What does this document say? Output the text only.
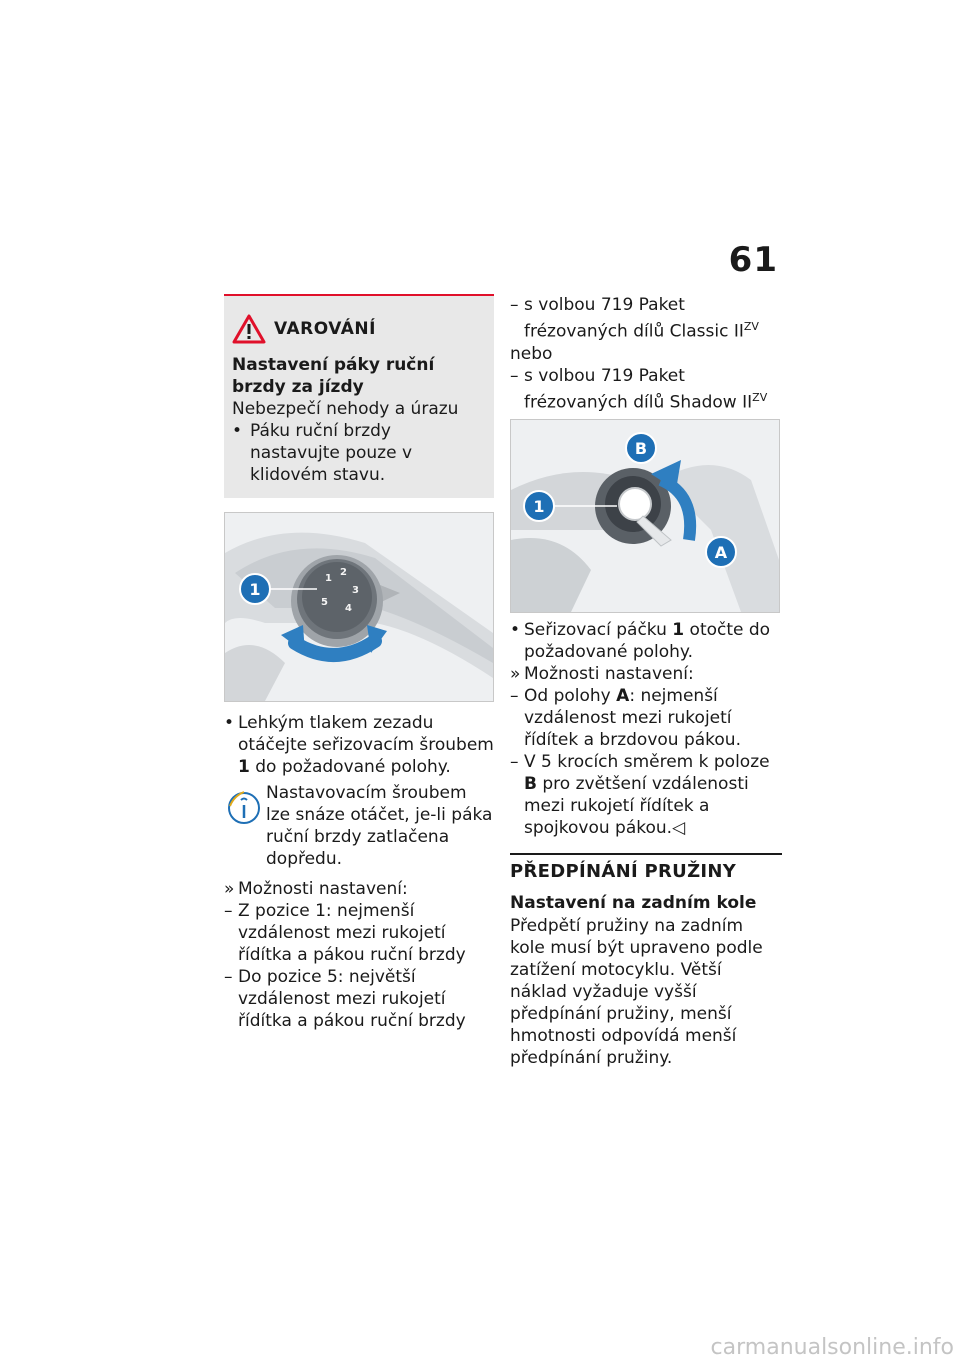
61
VAROVÁNÍ
Nastavení páky ruční brzdy za jízdy
Nebezpečí nehody a úrazu
• Páku ruční brzdy nastavujte pouze v klidovém stavu.
1
2
3
4
5
1
• Lehkým tlakem zezadu otáčejte seřizovacím šroubem 1 do požadované polohy.
Nastavovacím šroubem lze snáze otáčet, je-li páka ruční brzdy zatlačena dopředu.
» Možnosti nastavení:
– Z pozice 1: nejmenší vzdálenost mezi rukojetí řídítka a pákou ruční brzdy
– Do pozice 5: největší vzdálenost mezi rukojetí řídítka a pákou ruční brzdy
– s volbou 719 Paket frézovaných dílů Classic $II^{ZV}$
nebo
– s volbou 719 Paket frézovaných dílů Shadow $II^{ZV}$
1
B
A
• Seřizovací páčku 1 otočte do požadované polohy.
» Možnosti nastavení:
– Od polohy A: nejmenší vzdálenost mezi rukojetí řídítek a brzdovou pákou.
– V 5 krocích směrem k poloze B pro zvětšení vzdálenosti mezi rukojetí řídítek a spojkovou pákou.◁
PŘEDPÍNÁNÍ PRUŽINY
Nastavení na zadním kole
Předpětí pružiny na zadním kole musí být upraveno podle zatížení motocyklu. Větší náklad vyžaduje vyšší předpínání pružiny, menší hmotnosti odpovídá menší předpínání pružiny.
carmanualsonline.info
